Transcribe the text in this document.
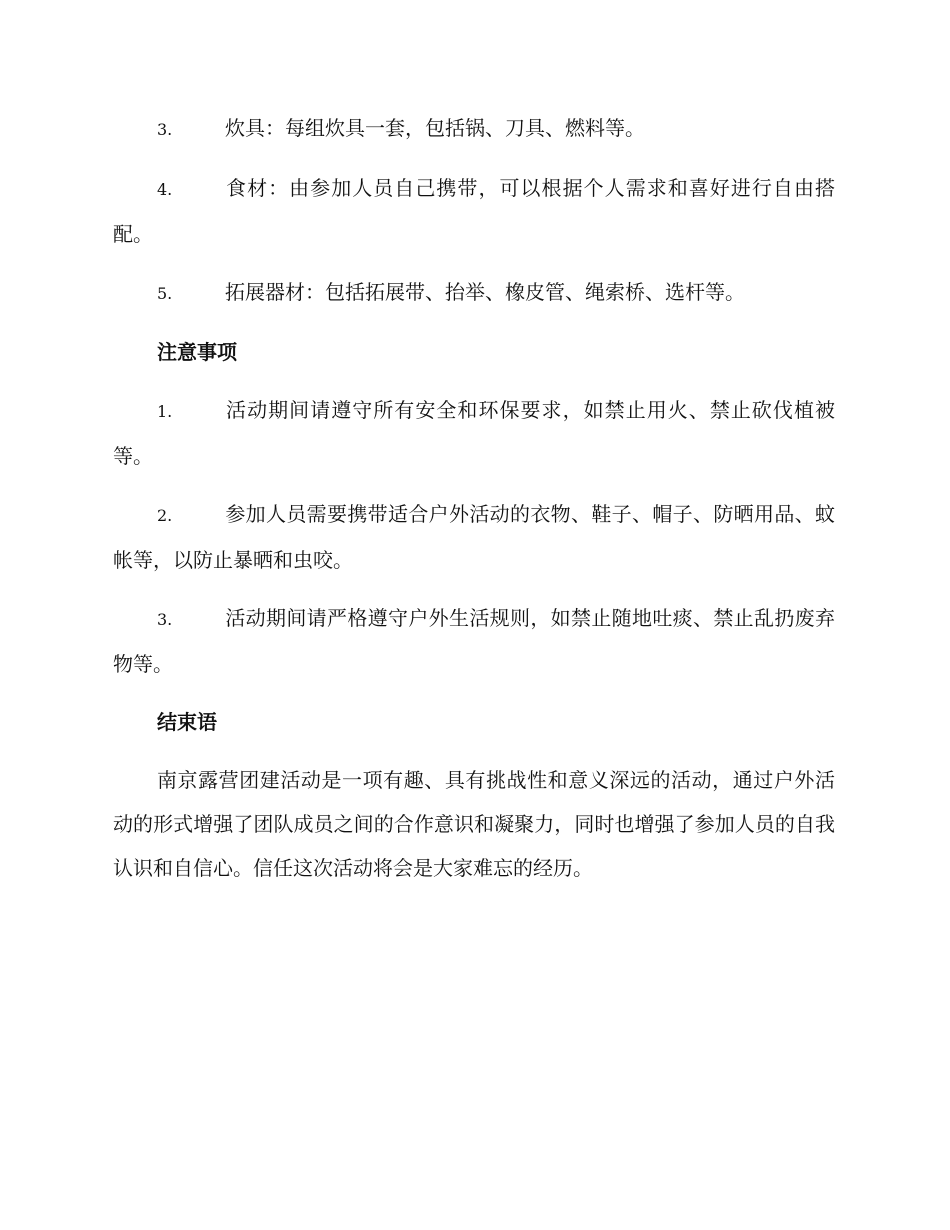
3.	炊具：每组炊具一套，包括锅、刀具、燃料等。
4.	食材：由参加人员自己携带，可以根据个人需求和喜好进行自由搭配。
5.	拓展器材：包括拓展带、抬举、橡皮管、绳索桥、选杆等。
注意事项
1.	活动期间请遵守所有安全和环保要求，如禁止用火、禁止砍伐植被等。
2.	参加人员需要携带适合户外活动的衣物、鞋子、帽子、防晒用品、蚊帐等，以防止暴晒和虫咬。
3.	活动期间请严格遵守户外生活规则，如禁止随地吐痰、禁止乱扔废弃物等。
结束语

南京露营团建活动是一项有趣、具有挑战性和意义深远的活动，通过户外活动的形式增强了团队成员之间的合作意识和凝聚力，同时也增强了参加人员的自我认识和自信心。信任这次活动将会是大家难忘的经历。
